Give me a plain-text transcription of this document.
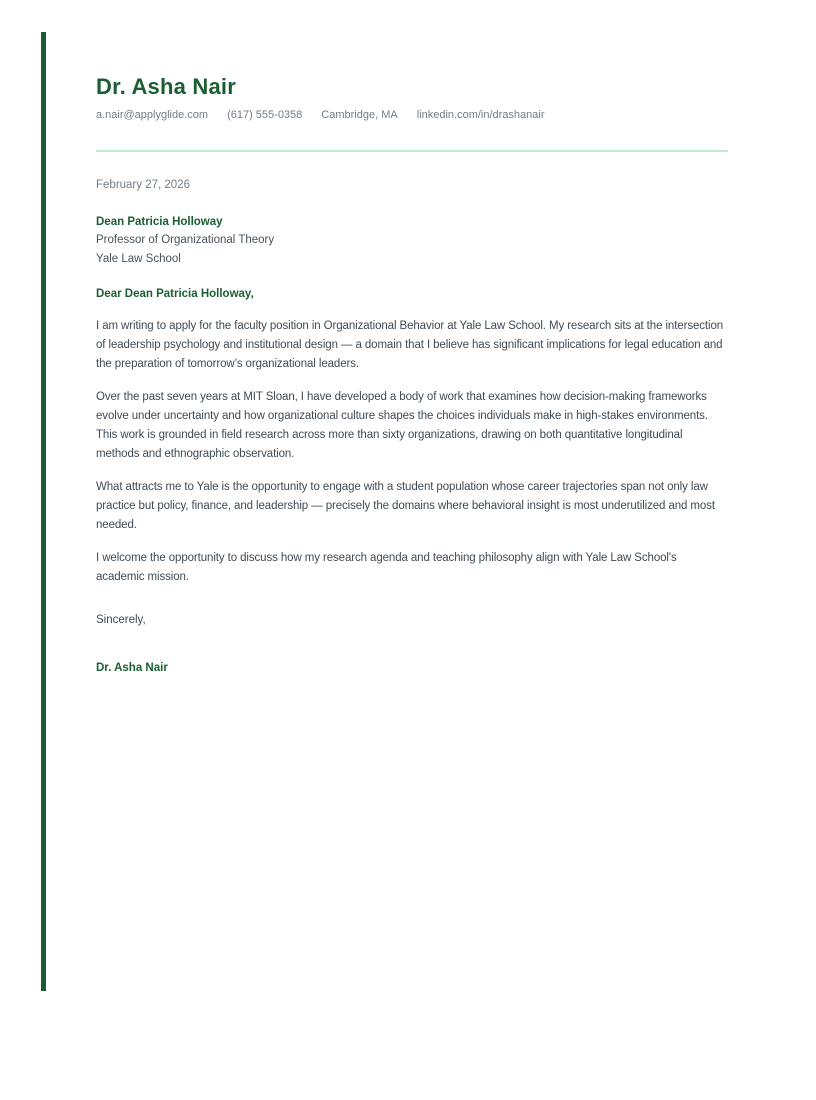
Dr. Asha Nair
a.nair@applyglide.com (617) 555-0358 Cambridge, MA linkedin.com/in/drashanair

February 27, 2026

Dean Patricia Holloway

Professor of Organizational Theory

Yale Law School

Dear Dean Patricia Holloway,

I am writing to apply for the faculty position in Organizational Behavior at Yale Law School. My research sits at the intersection of leadership psychology and institutional design — a domain that I believe has significant implications for legal education and the preparation of tomorrow’s organizational leaders.

Over the past seven years at MIT Sloan, I have developed a body of work that examines how decision-making frameworks evolve under uncertainty and how organizational culture shapes the choices individuals make in high-stakes environments. This work is grounded in field research across more than sixty organizations, drawing on both quantitative longitudinal methods and ethnographic observation.

What attracts me to Yale is the opportunity to engage with a student population whose career trajectories span not only law practice but policy, finance, and leadership — precisely the domains where behavioral insight is most underutilized and most needed.

I welcome the opportunity to discuss how my research agenda and teaching philosophy align with Yale Law School's academic mission.

Sincerely,

Dr. Asha Nair
